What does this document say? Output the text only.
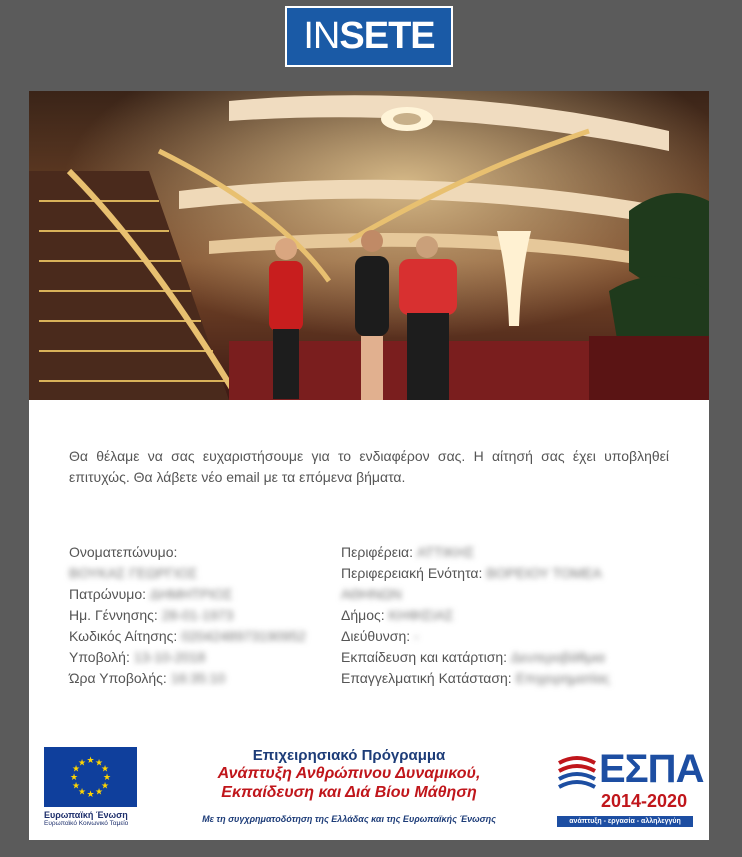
IN SETE
Θα θέλαμε να σας ευχαριστήσουμε για το ενδιαφέρον σας. Η αίτησή σας έχει υποβληθεί επιτυχώς. Θα λάβετε νέο email με τα επόμενα βήματα.
Ονοματεπώνυμο:
ΒΟΥΚΑΣ ΓΕΩΡΓΙΟΣ
Πατρώνυμο: ΔΗΜΗΤΡΙΟΣ
Ημ. Γέννησης: 28-01-1973
Κωδικός Αίτησης: 0204248973190952
Υποβολή: 13-10-2018
Ώρα Υποβολής: 16:35:10
Περιφέρεια: ΑΤΤΙΚΗΣ
Περιφερειακή Ενότητα: ΒΟΡΕΙΟΥ ΤΟΜΕΑ
ΑΘΗΝΩΝ
Δήμος: ΚΗΦΙΣΙΑΣ
Διεύθυνση: -
Εκπαίδευση και κατάρτιση: Δευτεροβάθμια
Επαγγελματική Κατάσταση: Επιχειρηματίας
★ ★
★
★
★
★
★
★
★
★
★
★
Ευρωπαϊκή Ένωση
Ευρωπαϊκό Κοινωνικό Ταμείο
Επιχειρησιακό Πρόγραμμα
Ανάπτυξη Ανθρώπινου Δυναμικού,
Εκπαίδευση και Διά Βίου Μάθηση
Με τη συγχρηματοδότηση της Ελλάδας και της Ευρωπαϊκής Ένωσης
ΕΣΠΑ
2014-2020
ανάπτυξη - εργασία - αλληλεγγύη
